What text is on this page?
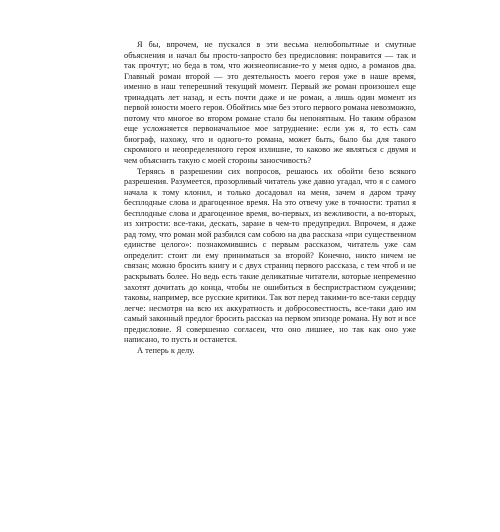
Я бы, впрочем, не пускался в эти весьма нелюбопытные и смутные объяснения и начал бы просто-запросто без предисловия: понравится — так и так прочтут; но беда в том, что жизнеописание-то у меня одно, а романов два. Главный роман второй — это деятельность моего героя уже в наше время, именно в наш теперешний текущий момент. Первый же роман произошел еще тринадцать лет назад, и есть почти даже и не роман, а лишь один момент из первой юности моего героя. Обойтись мне без этого первого романа невозможно, потому что многое во втором романе стало бы непонятным. Но таким образом еще усложняется первоначальное мое затруднение: если уж я, то есть сам биограф, нахожу, что и одного-то романа, может быть, было бы для такого скромного и неопределенного героя излишне, то каково же являться с двумя и чем объяснить такую с моей стороны заносчивость?

Теряясь в разрешении сих вопросов, решаюсь их обойти безо всякого разрешения. Разумеется, прозорливый читатель уже давно угадал, что я с самого начала к тому клонил, и только досадовал на меня, зачем я даром трачу бесплодные слова и драгоценное время. На это отвечу уже в точности: тратил я бесплодные слова и драгоценное время, во-первых, из вежливости, а во-вторых, из хитрости: все-таки, дескать, заране в чем-то предупредил. Впрочем, я даже рад тому, что роман мой разбился сам собою на два рассказа «при существенном единстве целого»: познакомившись с первым рассказом, читатель уже сам определит: стоит ли ему приниматься за второй? Конечно, никто ничем не связан; можно бросить книгу и с двух страниц первого рассказа, с тем чтоб и не раскрывать более. Но ведь есть такие деликатные читатели, которые непременно захотят дочитать до конца, чтобы не ошибиться в беспристрастном суждении; таковы, например, все русские критики. Так вот перед такими-то все-таки сердцу легче: несмотря на всю их аккуратность и добросовестность, все-таки даю им самый законный предлог бросить рассказ на первом эпизоде романа. Ну вот и все предисловие. Я совершенно согласен, что оно лишнее, но так как оно уже написано, то пусть и останется.

А теперь к делу.
